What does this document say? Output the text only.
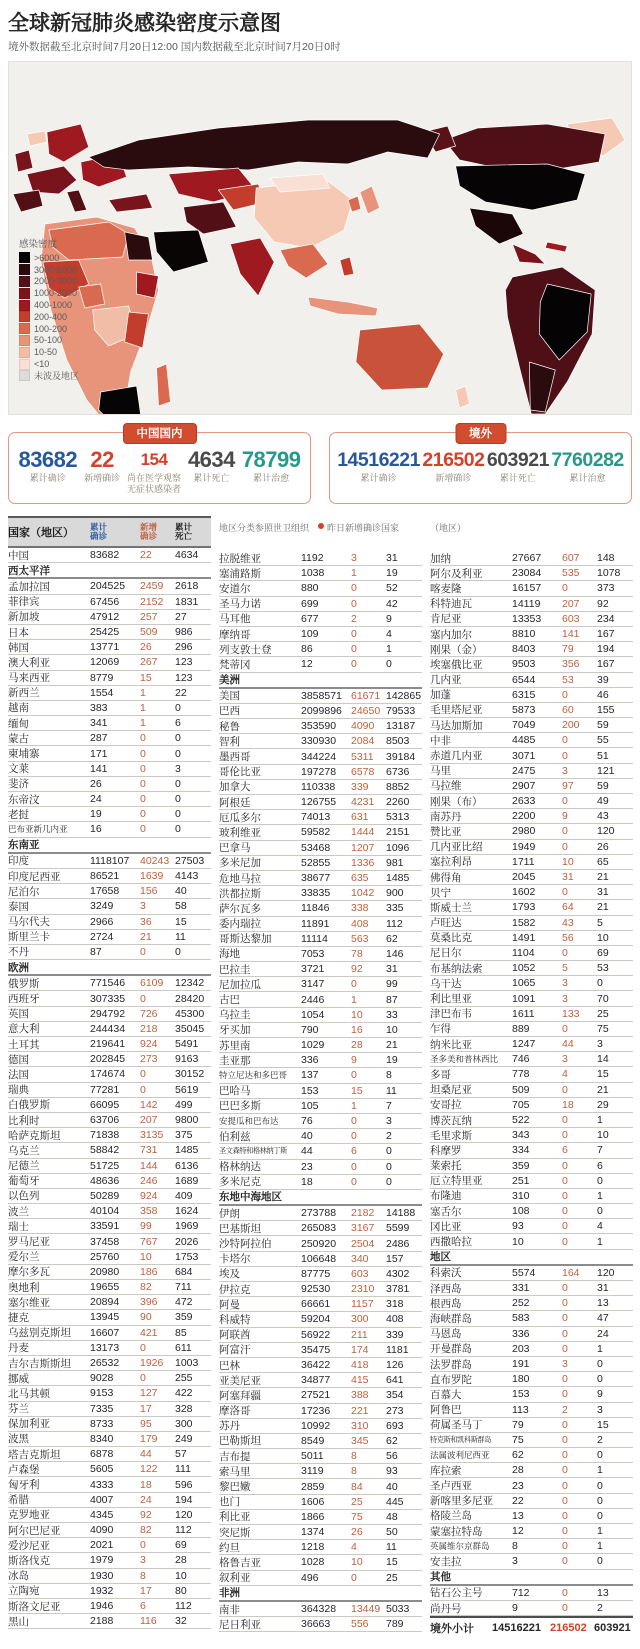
全球新冠肺炎感染密度示意图
境外数据截至北京时间7月20日12:00 国内数据截至北京时间7月20日0时
感染密度
>6000
3000-6000
2000-3000
1000-2000
400-1000
200-400
100-200
50-100
10-50
<10
未波及地区
中国国内
83682
累计确诊
22
新增确诊
154
尚在医学观察
无症状感染者
4634
累计死亡
78799
累计治愈
境外
14516221
累计确诊
216502
新增确诊
603921
累计死亡
7760282
累计治愈
国家（地区）
累计
确诊
新增
确诊
累计
死亡
中国	83682	22	4634
西太平洋
孟加拉国	204525	2459	2618
菲律宾	67456	2152	1831
新加坡	47912	257	27
日本	25425	509	986
韩国	13771	26	296
澳大利亚	12069	267	123
马来西亚	8779	15	123
新西兰	1554	1	22
越南	383	1	0
缅甸	341	1	6
蒙古	287	0	0
柬埔寨	171	0	0
文莱	141	0	3
斐济	26	0	0
东帝汶	24	0	0
老挝	19	0	0
巴布亚新几内亚	16	0	0
东南亚
印度	1118107	40243 27503
印度尼西亚	86521	1639	4143
尼泊尔	17658	156	40
泰国	3249	3	58
马尔代夫	2966	36	15
斯里兰卡	2724	21	11
不丹	87	0	0
欧洲
俄罗斯	771546	6109	12342
西班牙	307335	0	28420
英国	294792	726	45300
意大利	244434	218	35045
土耳其	219641	924	5491
德国	202845	273	9163
法国	174674	0	30152
瑞典	77281	0	5619
白俄罗斯	66095	142	499
比利时	63706	207	9800
哈萨克斯坦	71838	3135	375
乌克兰	58842	731	1485
尼德兰	51725	144	6136
葡萄牙	48636	246	1689
以色列	50289	924	409
波兰	40104	358	1624
瑞士	33591	99	1969
罗马尼亚	37458	767	2026
爱尔兰	25760	10	1753
摩尔多瓦	20980	186	684
奥地利	19655	82	711
塞尔维亚	20894	396	472
捷克	13945	90	359
乌兹别克斯坦	16607	421	85
丹麦	13173	0	611
吉尔吉斯斯坦	26532	1926	1003
挪威	9028	0	255
北马其顿	9153	127	422
芬兰	7335	17	328
保加利亚	8733	95	300
波黑	8340	179	249
塔吉克斯坦	6878	44	57
卢森堡	5605	122	111
匈牙利	4333	18	596
希腊	4007	24	194
克罗地亚	4345	92	120
阿尔巴尼亚	4090	82	112
爱沙尼亚	2021	0	69
斯洛伐克	1979	3	28
冰岛	1930	8	10
立陶宛	1932	17	80
斯洛文尼亚	1946	6	112
黑山	2188	116	32
地区分类参照世卫组织 昨日新增确诊国家
拉脱维亚	1192	3	31
塞浦路斯	1038	1	19
安道尔	880	0	52
圣马力诺	699	0	42
马耳他	677	2	9
摩纳哥	109	0	4
列支敦士登	86	0	1
梵蒂冈	12	0	0
美洲
美国	3858571 61671 142865
巴西	2099896 24650 79533
秘鲁	353590	4090	13187
智利	330930	2084	8503
墨西哥	344224	5311	39184
哥伦比亚	197278	6578	6736
加拿大	110338	339	8852
阿根廷	126755	4231	2260
厄瓜多尔	74013	631	5313
玻利维亚	59582	1444	2151
巴拿马	53468	1207	1096
多米尼加	52855	1336	981
危地马拉	38677	635	1485
洪都拉斯	33835	1042	900
萨尔瓦多	11846	338	335
委内瑞拉	11891	408	112
哥斯达黎加	11114	563	62
海地	7053	78	146
巴拉圭	3721	92	31
尼加拉瓜	3147	0	99
古巴	2446	1	87
乌拉圭	1054	10	33
牙买加	790	16	10
苏里南	1029	28	21
圭亚那	336	9	19
特立尼达和多巴哥	137	0	8
巴哈马	153	15	11
巴巴多斯	105	1	7
安提瓜和巴布达	76	0	3
伯利兹	40	0	2
圣文森特和格林纳丁斯	44	6	0
格林纳达	23	0	0
多米尼克	18	0	0
东地中海地区
伊朗	273788	2182	14188
巴基斯坦	265083	3167	5599
沙特阿拉伯	250920	2504	2486
卡塔尔	106648	340	157
埃及	87775	603	4302
伊拉克	92530	2310	3781
阿曼	66661	1157	318
科威特	59204	300	408
阿联酋	56922	211	339
阿富汗	35475	174	1181
巴林	36422	418	126
亚美尼亚	34877	415	641
阿塞拜疆	27521	388	354
摩洛哥	17236	221	273
苏丹	10992	310	693
巴勒斯坦	8549	345	62
吉布提	5011	8	56
索马里	3119	8	93
黎巴嫩	2859	84	40
也门	1606	25	445
利比亚	1866	75	48
突尼斯	1374	26	50
约旦	1218	4	11
格鲁吉亚	1028	10	15
叙利亚	496	0	25
非洲
南非	364328	13449 5033
尼日利亚	36663	556	789
（地区）
加纳	27667	607	148
阿尔及利亚	23084	535	1078
喀麦隆	16157	0	373
科特迪瓦	14119	207	92
肯尼亚	13353	603	234
塞内加尔	8810	141	167
刚果（金）	8403	79	194
埃塞俄比亚	9503	356	167
几内亚	6544	53	39
加蓬	6315	0	46
毛里塔尼亚	5873	60	155
马达加斯加	7049	200	59
中非	4485	0	55
赤道几内亚	3071	0	51
马里	2475	3	121
马拉维	2907	97	59
刚果（布）	2633	0	49
南苏丹	2200	9	43
赞比亚	2980	0	120
几内亚比绍	1949	0	26
塞拉利昂	1711	10	65
佛得角	2045	31	21
贝宁	1602	0	31
斯威士兰	1793	64	21
卢旺达	1582	43	5
莫桑比克	1491	56	10
尼日尔	1104	0	69
布基纳法索	1052	5	53
乌干达	1065	3	0
利比里亚	1091	3	70
津巴布韦	1611	133	25
乍得	889	0	75
纳米比亚	1247	44	3
圣多美和普林西比	746	3	14
多哥	778	4	15
坦桑尼亚	509	0	21
安哥拉	705	18	29
博茨瓦纳	522	0	1
毛里求斯	343	0	10
科摩罗	334	6	7
莱索托	359	0	6
厄立特里亚	251	0	0
布隆迪	310	0	1
塞舌尔	108	0	0
冈比亚	93	0	4
西撒哈拉	10	0	1
地区
科索沃	5574	164	120
泽西岛	331	0	31
根西岛	252	0	13
海峡群岛	583	0	47
马恩岛	336	0	24
开曼群岛	203	0	1
法罗群岛	191	3	0
直布罗陀	180	0	0
百慕大	153	0	9
阿鲁巴	113	2	3
荷属圣马丁	79	0	15
特克斯和凯科斯群岛	75	0	2
法属波利尼西亚	62	0	0
库拉索	28	0	1
圣卢西亚	23	0	0
新喀里多尼亚	22	0	0
格陵兰岛	13	0	0
蒙塞拉特岛	12	0	1
英属维尔京群岛	8	0	1
安圭拉	3	0	0
其他
钻石公主号	712	0	13
尚丹号	9	0	2
境外小计	14516221 216502 603921
